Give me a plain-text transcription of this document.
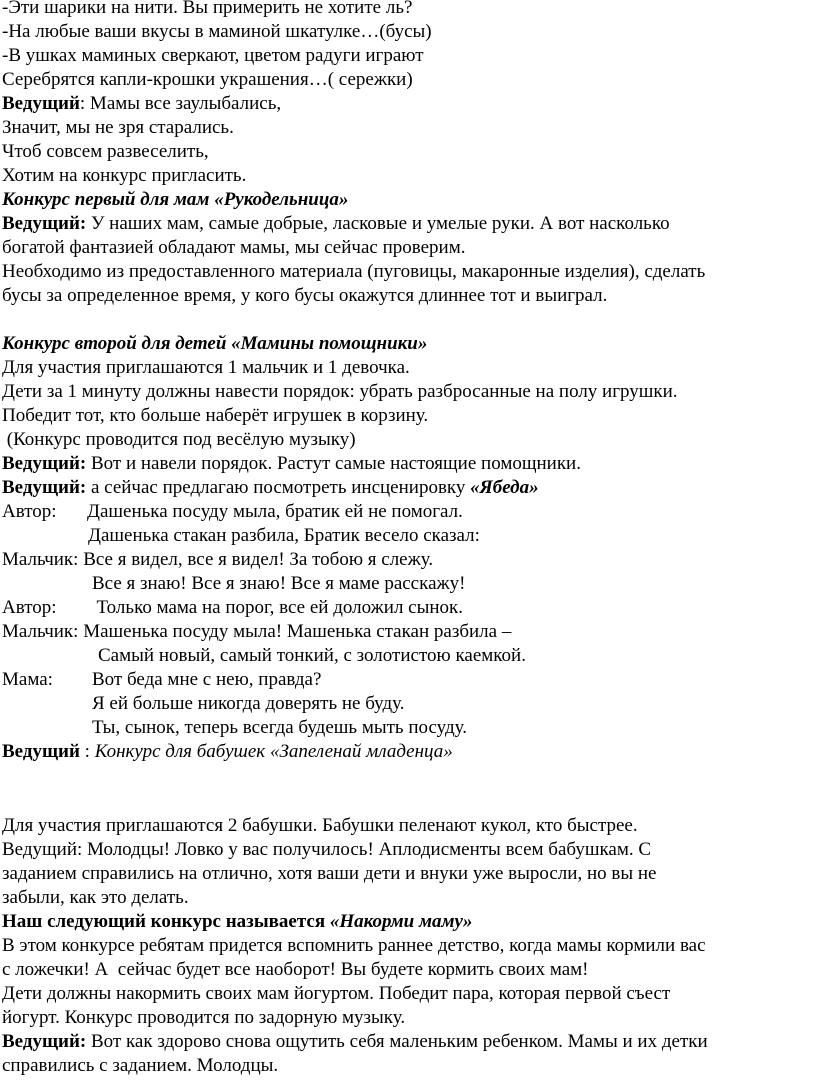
-Эти шарики на нити. Вы примерить не хотите ль?
-На любые ваши вкусы в маминой шкатулке…(бусы)
-В ушках маминых сверкают, цветом радуги играют
Серебрятся капли-крошки украшения…( сережки)
Ведущий: Мамы все заулыбались,
Значит, мы не зря старались.
Чтоб совсем развеселить,
Хотим на конкурс пригласить.
Конкурс первый для мам «Рукодельница»
Ведущий: У наших мам, самые добрые, ласковые и умелые руки. А вот насколько
богатой фантазией обладают мамы, мы сейчас проверим.
Необходимо из предоставленного материала (пуговицы, макаронные изделия), сделать
бусы за определенное время, у кого бусы окажутся длиннее тот и выиграл.
Конкурс второй для детей «Мамины помощники»
Для участия приглашаются 1 мальчик и 1 девочка.
Дети за 1 минуту должны навести порядок: убрать разбросанные на полу игрушки.
Победит тот, кто больше наберёт игрушек в корзину.
(Конкурс проводится под весёлую музыку)
Ведущий: Вот и навели порядок. Растут самые настоящие помощники.
Ведущий: а сейчас предлагаю посмотреть инсценировку «Ябеда»
Автор: Дашенька посуду мыла, братик ей не помогал.
Дашенька стакан разбила, Братик весело сказал:
Мальчик: Все я видел, все я видел! За тобою я слежу.
Все я знаю! Все я знаю! Все я маме расскажу!
Автор:  Только мама на порог, все ей доложил сынок.
Мальчик: Машенька посуду мыла! Машенька стакан разбила –
Самый новый, самый тонкий, с золотистою каемкой.
Мама: Вот беда мне с нею, правда?
Я ей больше никогда доверять не буду.
Ты, сынок, теперь всегда будешь мыть посуду.
Ведущий : Конкурс для бабушек «Запеленай младенца»
Для участия приглашаются 2 бабушки. Бабушки пеленают кукол, кто быстрее.
Ведущий: Молодцы! Ловко у вас получилось! Аплодисменты всем бабушкам. С
заданием справились на отлично, хотя ваши дети и внуки уже выросли, но вы не
забыли, как это делать.
Наш следующий конкурс называется «Накорми маму»
В этом конкурсе ребятам придется вспомнить раннее детство, когда мамы кормили вас
с ложечки! А  сейчас будет все наоборот! Вы будете кормить своих мам!
Дети должны накормить своих мам йогуртом. Победит пара, которая первой съест
йогурт. Конкурс проводится по задорную музыку.
Ведущий: Вот как здорово снова ощутить себя маленьким ребенком. Мамы и их детки
справились с заданием. Молодцы.
